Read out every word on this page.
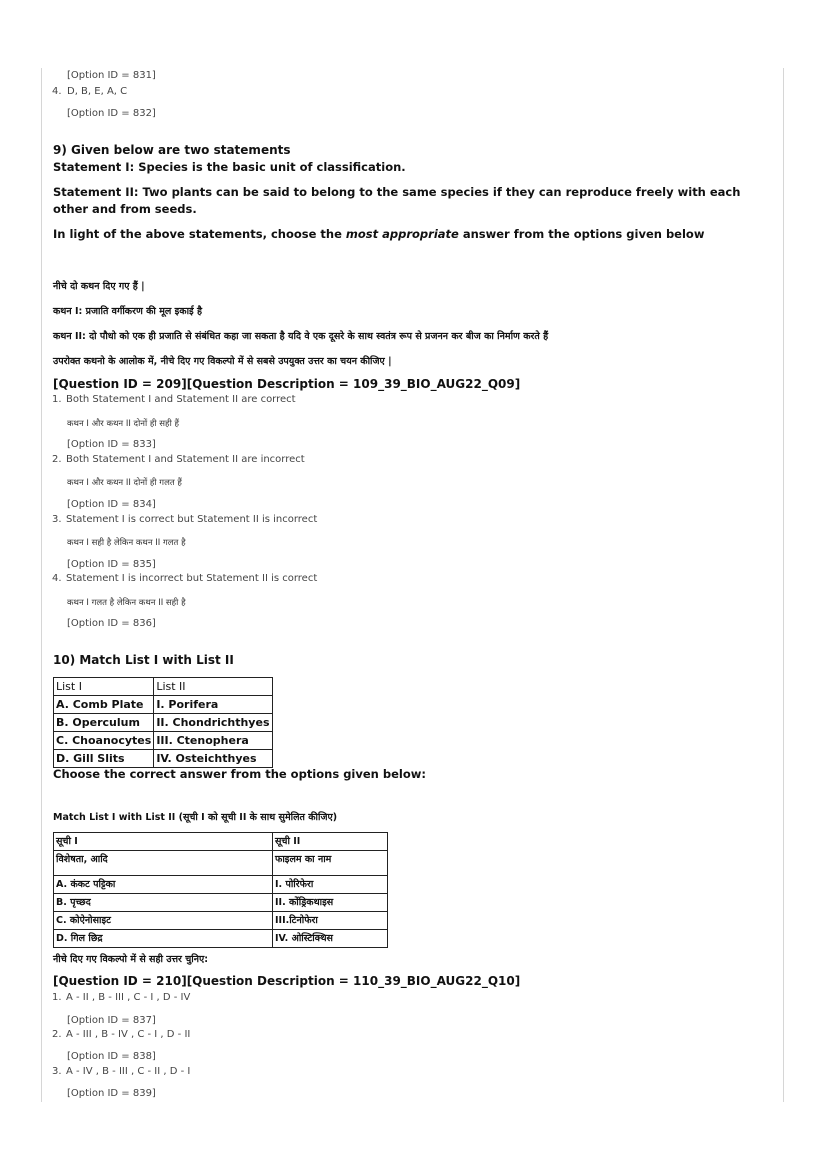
[Option ID = 831]
4. D, B, E, A, C
[Option ID = 832]
9) Given below are two statements
Statement I: Species is the basic unit of classification.
Statement II: Two plants can be said to belong to the same species if they can reproduce freely with each other and from seeds.
In light of the above statements, choose the most appropriate answer from the options given below
नीचे दो कथन दिए गए हैं |
कथन I: प्रजाति वर्गीकरण की मूल इकाई है
कथन II: दो पौधो को एक ही प्रजाति से संबंधित कहा जा सकता है यदि वे एक दूसरे के साथ स्वतंत्र रूप से प्रजनन कर बीज का निर्माण करते हैं
उपरोक्त कथनो के आलोक में, नीचे दिए गए विकल्पो में से सबसे उपयुक्त उत्तर का चयन कीजिए |
[Question ID = 209][Question Description = 109_39_BIO_AUG22_Q09]
1. Both Statement I and Statement II are correct
कथन I और कथन II दोनों ही सही हैं
[Option ID = 833]
2. Both Statement I and Statement II are incorrect
कथन I और कथन II दोनों ही गलत हैं
[Option ID = 834]
3. Statement I is correct but Statement II is incorrect
कथन I सही है लेकिन कथन II गलत है
[Option ID = 835]
4. Statement I is incorrect but Statement II is correct
कथन I गलत है लेकिन कथन II सही है
[Option ID = 836]
10) Match List I with List II
List I	List II
A. Comb Plate	I. Porifera
B. Operculum	II. Chondrichthyes
C. Choanocytes	III. Ctenophera
D. Gill Slits	IV. Osteichthyes
Choose the correct answer from the options given below:
Match List I with List II (सूची I को सूची II के साथ सुमेलित कीजिए)
सूची I	सूची II
विशेषता, आदि	फाइलम का नाम
A. कंकट पट्टिका	I. पोरिफेरा
B. पृच्छद	II. कोंड्रिकथाइस
C. कोऐनोसाइट	III.टिनोफेरा
D. गिल छिद्र	IV. ओस्टिक्थिस
नीचे दिए गए विकल्पो में से सही उत्तर चुनिए:
[Question ID = 210][Question Description = 110_39_BIO_AUG22_Q10]
1. A - II , B - III , C - I , D - IV
[Option ID = 837]
2. A - III , B - IV , C - I , D - II
[Option ID = 838]
3. A - IV , B - III , C - II , D - I
[Option ID = 839]
